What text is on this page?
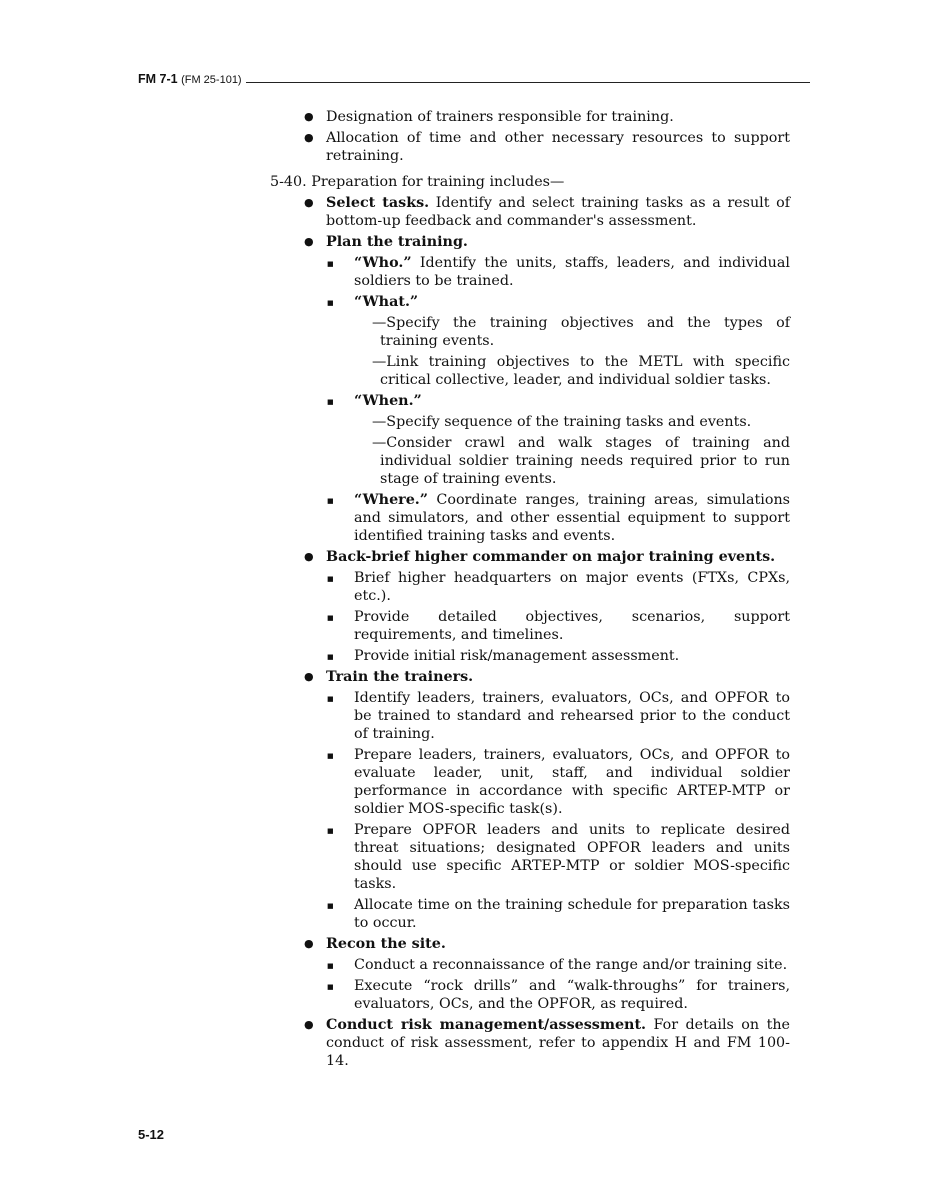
FM 7-1 (FM 25-101)
● Designation of trainers responsible for training.
● Allocation of time and other necessary resources to support retraining.
5-40. Preparation for training includes—
● Select tasks. Identify and select training tasks as a result of bottom-up feedback and commander's assessment.
● Plan the training.
■ “Who.” Identify the units, staffs, leaders, and individual soldiers to be trained.
■ “What.”
—Specify the training objectives and the types of training events.
—Link training objectives to the METL with specific critical collective, leader, and individual soldier tasks.
■ “When.”
—Specify sequence of the training tasks and events.
—Consider crawl and walk stages of training and individual soldier training needs required prior to run stage of training events.
■ “Where.” Coordinate ranges, training areas, simulations and simulators, and other essential equipment to support identified training tasks and events.
● Back-brief higher commander on major training events.
■ Brief higher headquarters on major events (FTXs, CPXs, etc.).
■ Provide detailed objectives, scenarios, support requirements, and timelines.
■ Provide initial risk/management assessment.
● Train the trainers.
■ Identify leaders, trainers, evaluators, OCs, and OPFOR to be trained to standard and rehearsed prior to the conduct of training.
■ Prepare leaders, trainers, evaluators, OCs, and OPFOR to evaluate leader, unit, staff, and individual soldier performance in accordance with specific ARTEP-MTP or soldier MOS-specific task(s).
■ Prepare OPFOR leaders and units to replicate desired threat situations; designated OPFOR leaders and units should use specific ARTEP-MTP or soldier MOS-specific tasks.
■ Allocate time on the training schedule for preparation tasks to occur.
● Recon the site.
■ Conduct a reconnaissance of the range and/or training site.
■ Execute “rock drills” and “walk-throughs” for trainers, evaluators, OCs, and the OPFOR, as required.
● Conduct risk management/assessment. For details on the conduct of risk assessment, refer to appendix H and FM 100-14.
5-12
